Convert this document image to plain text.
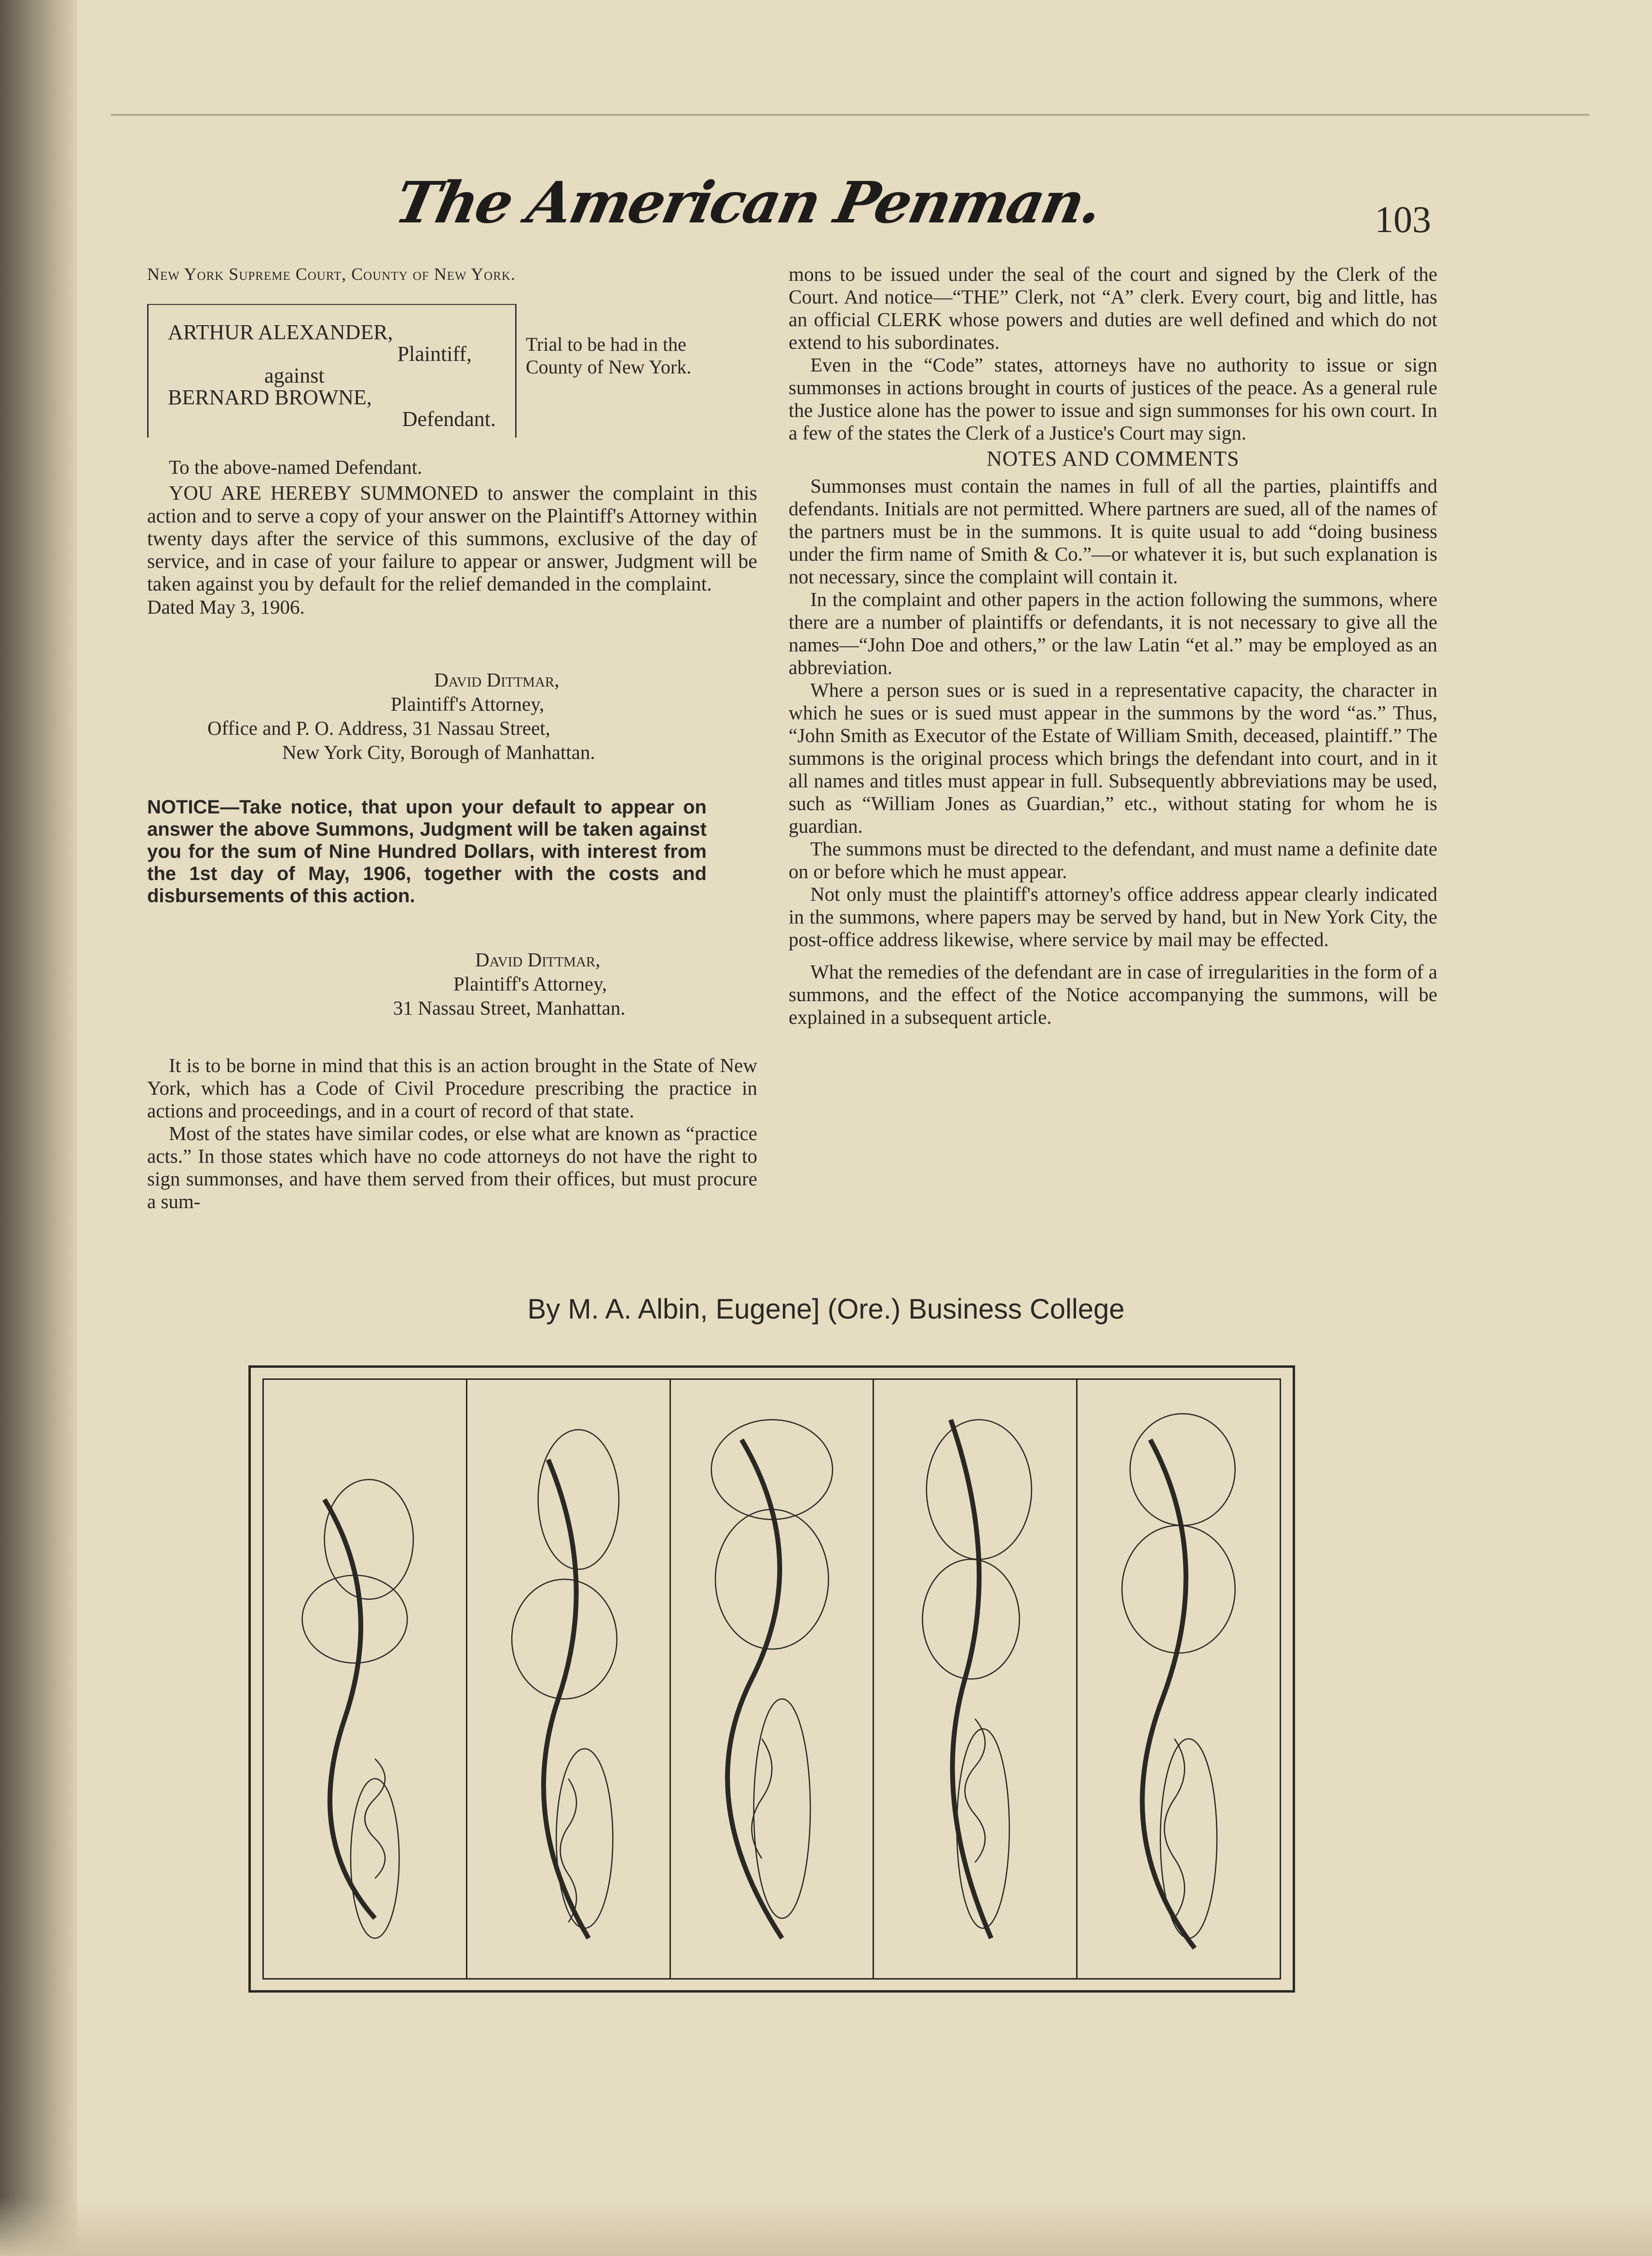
The American Penman.	103
New York Supreme Court, County of New York.
ARTHUR ALEXANDER,
Plaintiff,
against
BERNARD BROWNE,
Defendant.
Trial to be had in the County of New York.

To the above-named Defendant.

YOU ARE HEREBY SUMMONED to answer the complaint in this action and to serve a copy of your answer on the Plaintiff's Attorney within twenty days after the service of this summons, exclusive of the day of service, and in case of your failure to appear or answer, Judgment will be taken against you by default for the relief demanded in the complaint.

Dated May 3, 1906.

David Dittmar,
Plaintiff's Attorney,
Office and P. O. Address, 31 Nassau Street,
New York City, Borough of Manhattan.
NOTICE—Take notice, that upon your default to appear on answer the above Summons, Judgment will be taken against you for the sum of Nine Hundred Dollars, with interest from the 1st day of May, 1906, together with the costs and disbursements of this action.
David Dittmar,
Plaintiff's Attorney,
31 Nassau Street, Manhattan.

It is to be borne in mind that this is an action brought in the State of New York, which has a Code of Civil Procedure prescribing the practice in actions and proceedings, and in a court of record of that state.

Most of the states have similar codes, or else what are known as “practice acts.” In those states which have no code attorneys do not have the right to sign summonses, and have them served from their offices, but must procure a sum-

mons to be issued under the seal of the court and signed by the Clerk of the Court. And notice—“THE” Clerk, not “A” clerk. Every court, big and little, has an official CLERK whose powers and duties are well defined and which do not extend to his subordinates.

Even in the “Code” states, attorneys have no authority to issue or sign summonses in actions brought in courts of justices of the peace. As a general rule the Justice alone has the power to issue and sign summonses for his own court. In a few of the states the Clerk of a Justice's Court may sign.

NOTES AND COMMENTS

Summonses must contain the names in full of all the parties, plaintiffs and defendants. Initials are not permitted. Where partners are sued, all of the names of the partners must be in the summons. It is quite usual to add “doing business under the firm name of Smith & Co.”—or whatever it is, but such explanation is not necessary, since the complaint will contain it.

In the complaint and other papers in the action following the summons, where there are a number of plaintiffs or defendants, it is not necessary to give all the names—“John Doe and others,” or the law Latin “et al.” may be employed as an abbreviation.

Where a person sues or is sued in a representative capacity, the character in which he sues or is sued must appear in the summons by the word “as.” Thus, “John Smith as Executor of the Estate of William Smith, deceased, plaintiff.” The summons is the original process which brings the defendant into court, and in it all names and titles must appear in full. Subsequently abbreviations may be used, such as “William Jones as Guardian,” etc., without stating for whom he is guardian.

The summons must be directed to the defendant, and must name a definite date on or before which he must appear.

Not only must the plaintiff's attorney's office address appear clearly indicated in the summons, where papers may be served by hand, but in New York City, the post-office address likewise, where service by mail may be effected.

What the remedies of the defendant are in case of irregularities in the form of a summons, and the effect of the Notice accompanying the summons, will be explained in a subsequent article.

By M. A. Albin, Eugene] (Ore.) Business College
